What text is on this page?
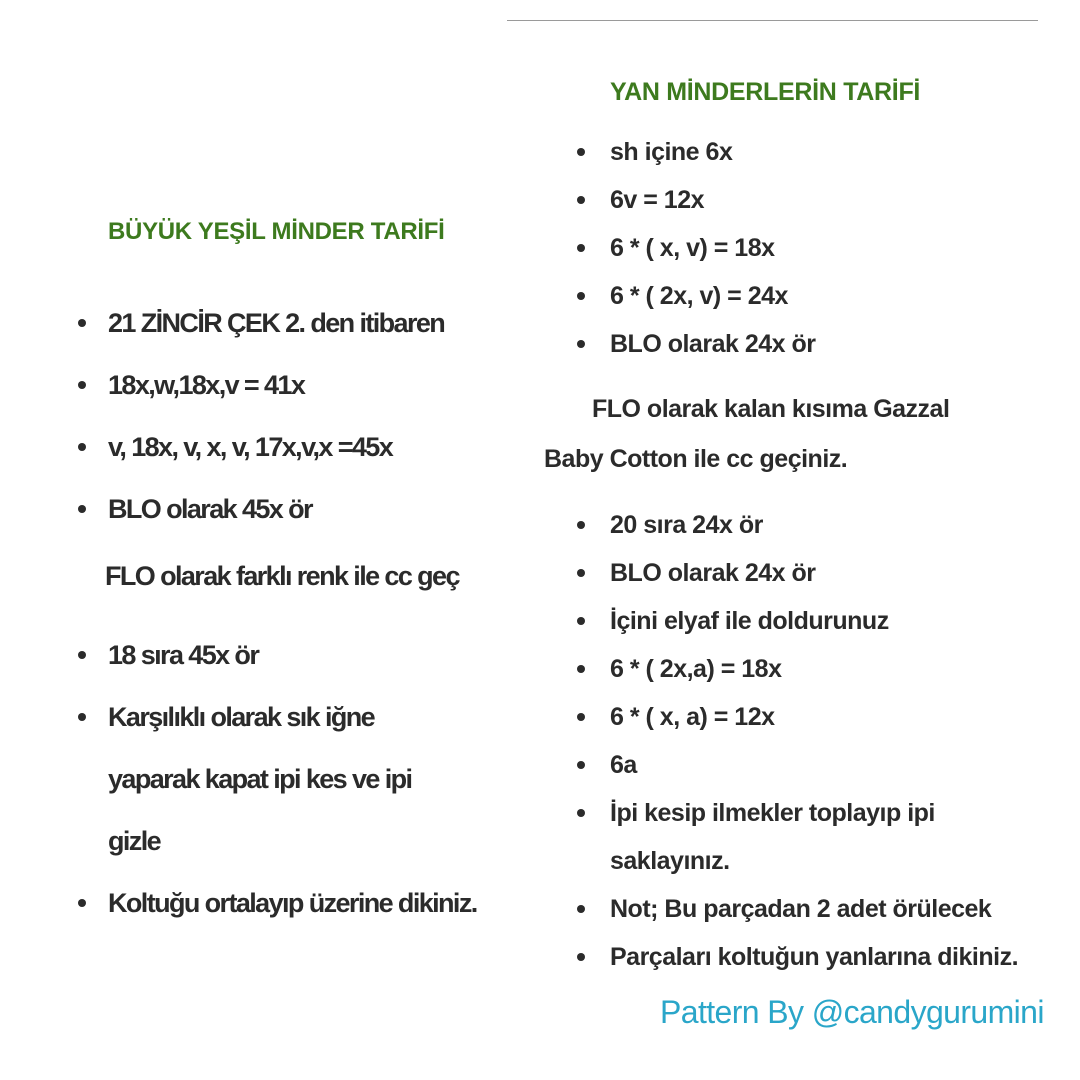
BÜYÜK YEŞİL MİNDER TARİFİ
21 ZİNCİR ÇEK 2. den itibaren
18x,w,18x,v = 41x
v, 18x, v, x, v, 17x,v,x =45x
BLO olarak 45x ör
FLO olarak farklı renk ile cc geç
18 sıra 45x ör
Karşılıklı olarak sık iğne yaparak kapat ipi kes ve ipi gizle
Koltuğu ortalayıp üzerine dikiniz.
YAN MİNDERLERİN TARİFİ
sh içine 6x
6v = 12x
6 * ( x, v) = 18x
6 * ( 2x, v) = 24x
BLO olarak 24x ör
FLO olarak kalan kısıma Gazzal Baby Cotton ile cc geçiniz.
20 sıra 24x ör
BLO olarak 24x ör
İçini elyaf ile doldurunuz
6 * ( 2x,a) = 18x
6 * ( x, a) = 12x
6a
İpi kesip ilmekler toplayıp ipi saklayınız.
Not; Bu parçadan 2 adet örülecek
Parçaları koltuğun yanlarına dikiniz.
Pattern By @candygurumini
